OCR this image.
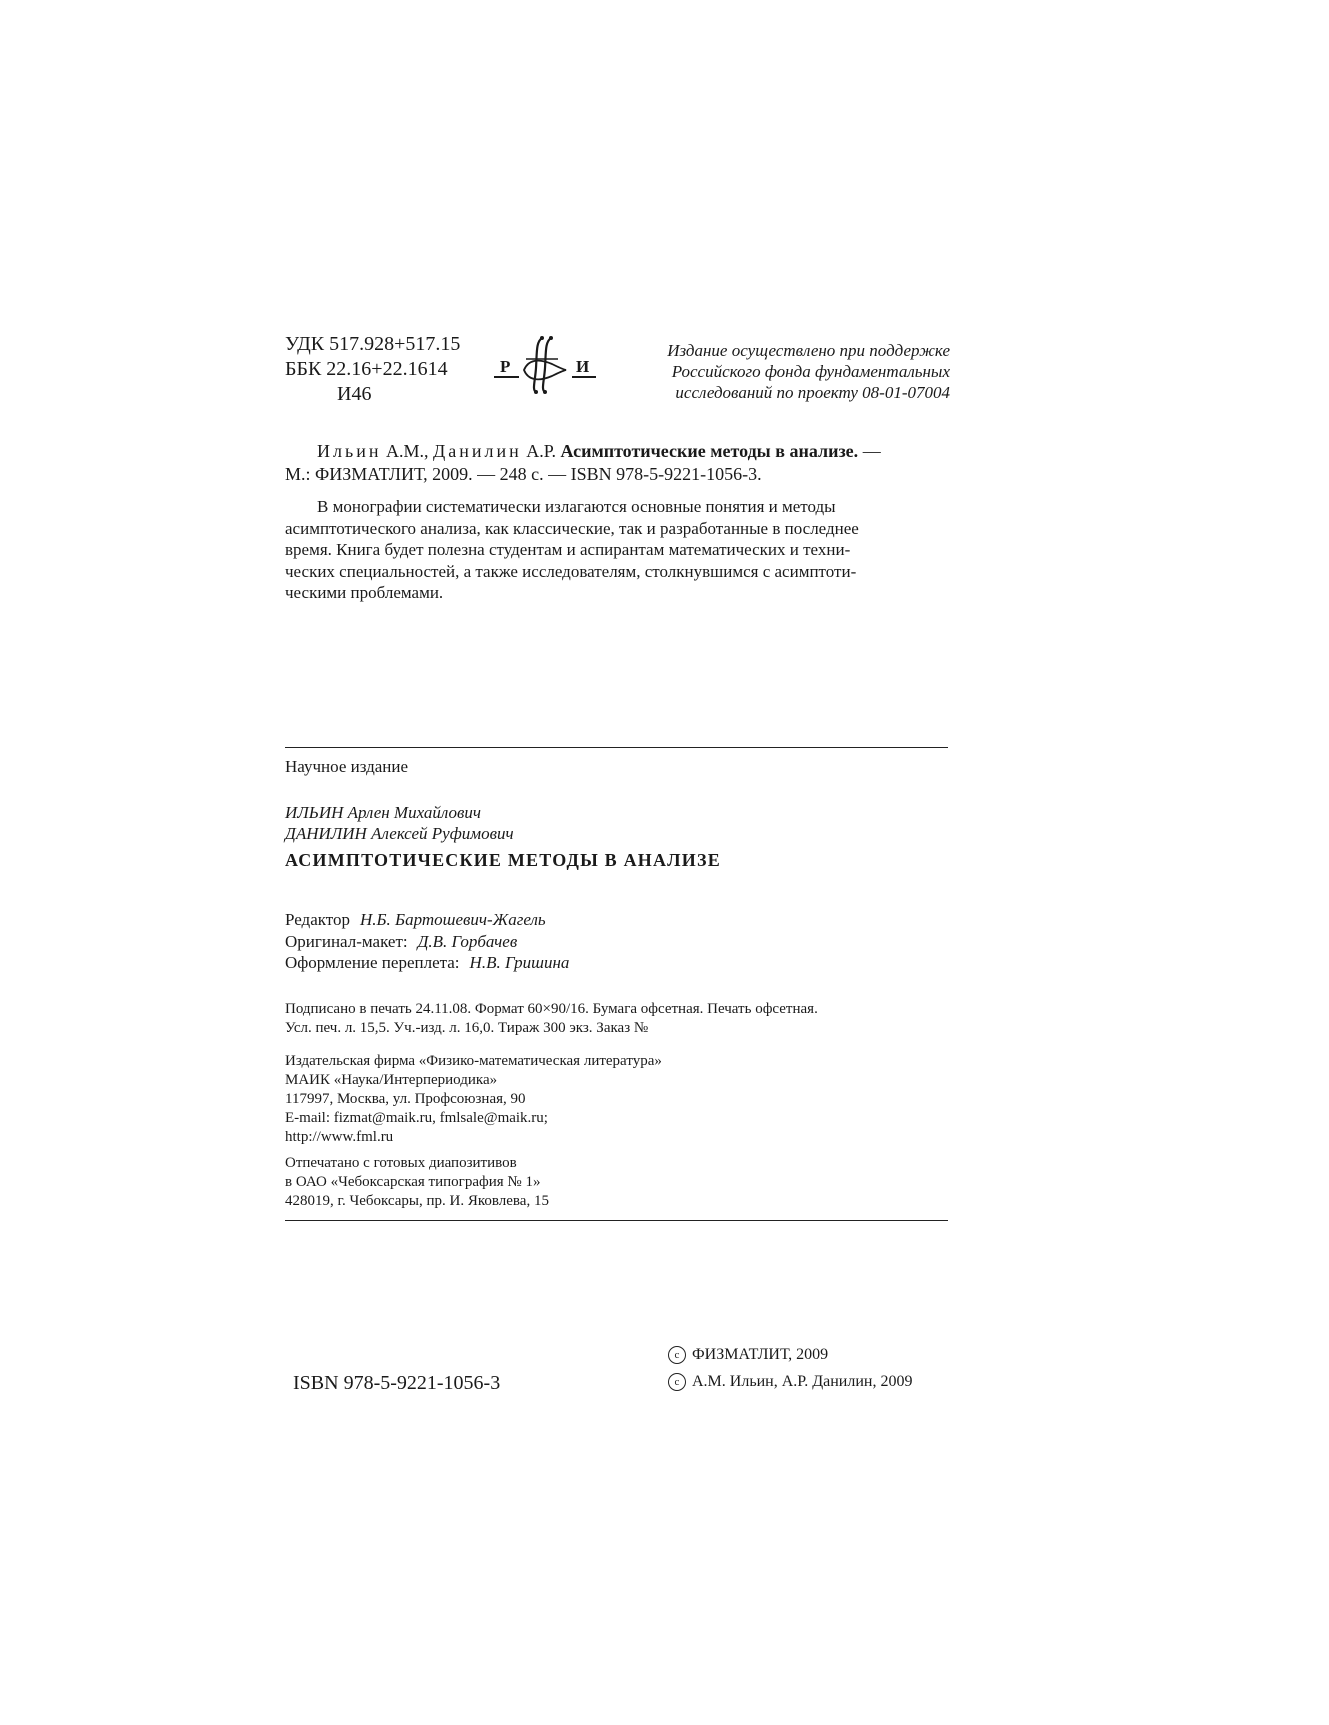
УДК 517.928+517.15
ББК 22.16+22.1614
И46
Р	И
Издание осуществлено при поддержке
Российского фонда фундаментальных
исследований по проекту 08-01-07004
Ильин А.М., Данилин А.Р. Асимптотические методы в анализе. —
М.: ФИЗМАТЛИТ, 2009. — 248 с. — ISBN 978-5-9221-1056-3.
В монографии систематически излагаются основные понятия и методы
асимптотического анализа, как классические, так и разработанные в последнее
время. Книга будет полезна студентам и аспирантам математических и техни-
ческих специальностей, а также исследователям, столкнувшимся с асимптоти-
ческими проблемами.
Научное издание
ИЛЬИН Арлен Михайлович
ДАНИЛИН Алексей Руфимович
АСИМПТОТИЧЕСКИЕ МЕТОДЫ В АНАЛИЗЕ
Редактор Н.Б. Бартошевич-Жагель
Оригинал-макет: Д.В. Горбачев
Оформление переплета: Н.В. Гришина
Подписано в печать 24.11.08. Формат 60×90/16. Бумага офсетная. Печать офсетная.
Усл. печ. л. 15,5. Уч.-изд. л. 16,0. Тираж 300 экз. Заказ №
Издательская фирма «Физико-математическая литература»
МАИК «Наука/Интерпериодика»
117997, Москва, ул. Профсоюзная, 90
E-mail: fizmat@maik.ru, fmlsale@maik.ru;
http://www.fml.ru
Отпечатано с готовых диапозитивов
в ОАО «Чебоксарская типография № 1»
428019, г. Чебоксары, пр. И. Яковлева, 15
ISBN 978-5-9221-1056-3
c ФИЗМАТЛИТ, 2009
c А.М. Ильин, А.Р. Данилин, 2009
